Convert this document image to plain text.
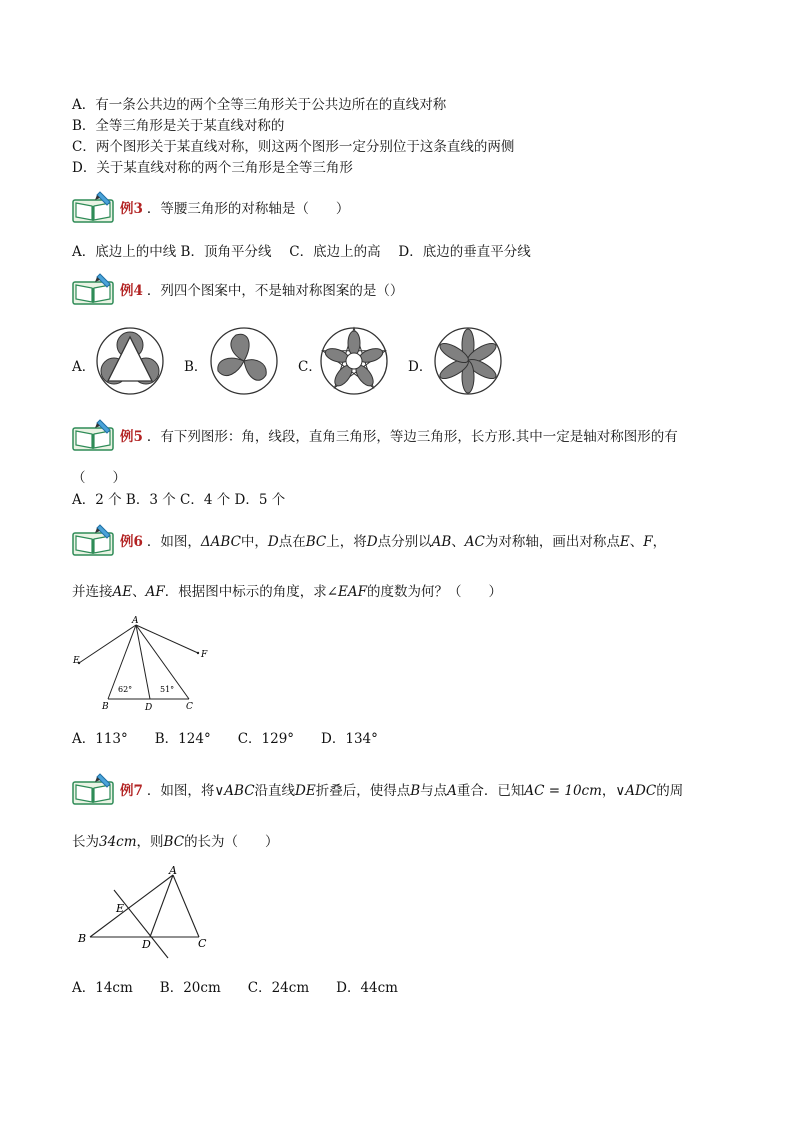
A．有一条公共边的两个全等三角形关于公共边所在的直线对称
B．全等三角形是关于某直线对称的
C．两个图形关于某直线对称，则这两个图形一定分别位于这条直线的两侧
D．关于某直线对称的两个三角形是全等三角形
例3 ．等腰三角形的对称轴是（　　）
A．底边上的中线 B．顶角平分线　 C．底边上的高　 D．底边的垂直平分线
例4 ．列四个图案中，不是轴对称图案的是（）
A．	B．	C．	D．
例5 ．有下列图形：角，线段，直角三角形，等边三角形，长方形.其中一定是轴对称图形的有
（　　）
A．2 个 B．3 个 C．4 个 D．5 个
例6 ．如图，ΔABC中，D点在BC上，将D点分别以AB、AC为对称轴，画出对称点E、F，
并连接AE、AF．根据图中标示的角度，求∠EAF的度数为何？（　　）
A
B	C
D
E
F
62°	51°
A．113°　　B．124°　　C．129°　　D．134°
例7 ．如图，将∨ABC沿直线DE折叠后，使得点B与点A重合．已知AC = 10cm，∨ADC的周
长为34cm，则BC的长为（　　）
A
B	C
D
E
A．14cm　　B．20cm　　C．24cm　　D．44cm
